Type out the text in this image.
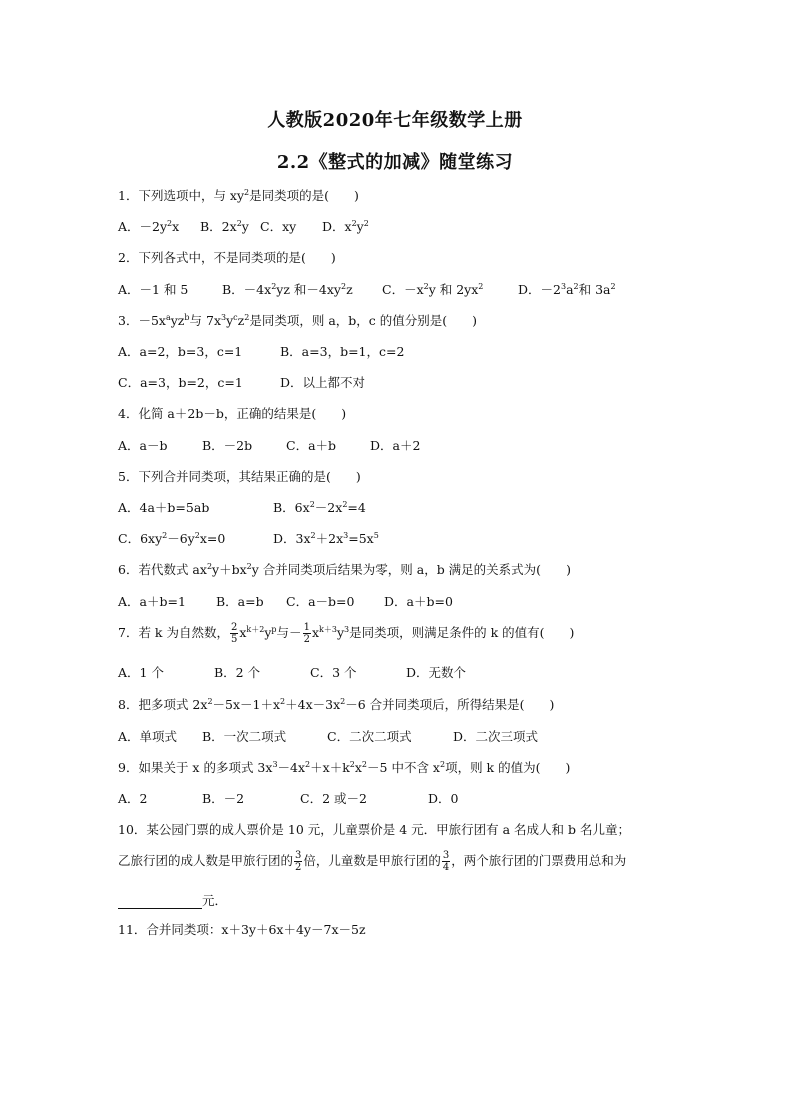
人教版2020年七年级数学上册
2.2《整式的加减》随堂练习
1．下列选项中，与 $xy^2$是同类项的是(　　)
A．$-2y^2x$ B．$2x^2y$ C．xy D．$x^2y^2$
2．下列各式中，不是同类项的是(　　)
A．－1 和 5	B．$-4x^2yz$ 和$-4xy^2z$ C．$-x^2y$ 和 $2yx^2$	D．$-2^3a^2$和 $3a^2$
3．$-5x^ayz^b$与 $7x^3y^cz^2$是同类项，则 a，b，c 的值分别是(　　)
A．a=2，b=3，c=1	B．a=3，b=1，c=2
C．a=3，b=2，c=1	D．以上都不对
4．化简 a＋2b－b，正确的结果是(　　)
A．a－b	B．－2b	C．a＋b	D．a＋2
5．下列合并同类项，其结果正确的是(　　)
A．4a＋b=5ab	B．$6x^2-2x^2=4$
C．$6xy^2-6y^2x=0$	D．$3x^2+2x^3=5x^5$
6．若代数式 $ax^2y+bx^2y$ 合并同类项后结果为零，则 a，b 满足的关系式为(　　)
A．a＋b=1 B．a=b C．a－b=0 D．a＋b=0
7．若 k 为自然数， $\frac{2}{5} x^{k+2}y^p$与－ $\frac{1}{2} x^{k+3}y^3$是同类项，则满足条件的 k 的值有(　　)
A．1 个	B．2 个	C．3 个	D．无数个
8．把多项式 $2x^2-5x-1+x^2+4x-3x^2-6$ 合并同类项后，所得结果是(　　)
A．单项式 B．一次二项式	C．二次二项式	D．二次三项式
9．如果关于 x 的多项式 $3x^3-4x^2+x+k^2x^2-5$ 中不含 $x^2$项，则 k 的值为(　　)
A．2	B．－2	C．2 或－2	D．0
10．某公园门票的成人票价是 10 元，儿童票价是 4 元．甲旅行团有 a 名成人和 b 名儿童；
乙旅行团的成人数是甲旅行团的 $\frac{3}{2}$ 倍，儿童数是甲旅行团的 $\frac{3}{4}$ ，两个旅行团的门票费用总和为
元．
11．合并同类项：x＋3y＋6x＋4y－7x－5z
